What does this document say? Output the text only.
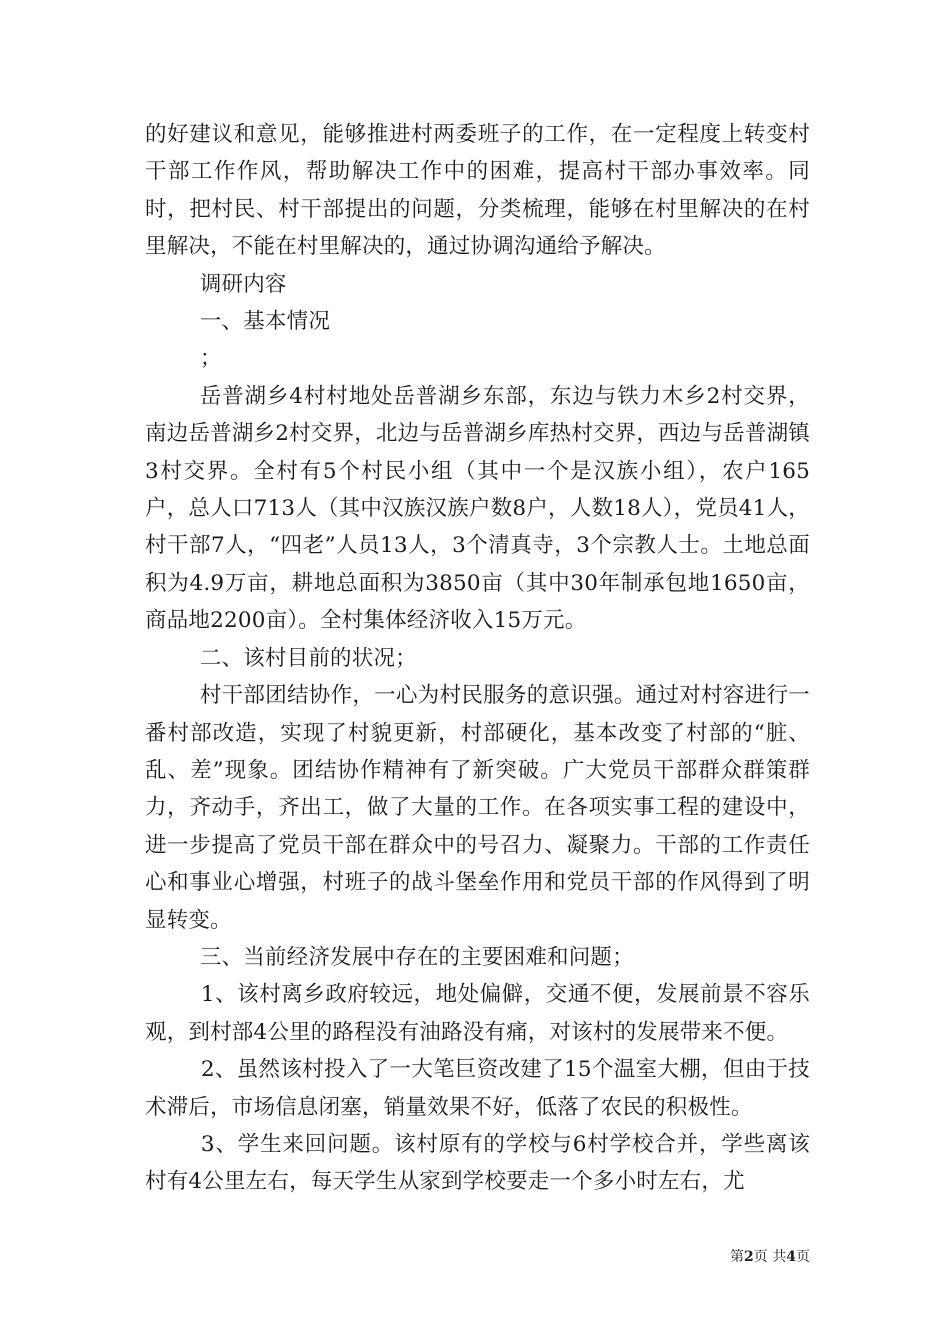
的好建议和意见，能够推进村两委班子的工作，在一定程度上转变村干部工作作风，帮助解决工作中的困难，提高村干部办事效率。同时，把村民、村干部提出的问题，分类梳理，能够在村里解决的在村里解决，不能在村里解决的，通过协调沟通给予解决。

调研内容

一、基本情况

；

岳普湖乡4村村地处岳普湖乡东部，东边与铁力木乡2村交界，南边岳普湖乡2村交界，北边与岳普湖乡库热村交界，西边与岳普湖镇3村交界。全村有5个村民小组（其中一个是汉族小组），农户165户，总人口713人（其中汉族汉族户数8户，人数18人），党员41人，村干部7人，“四老”人员13人，3个清真寺，3个宗教人士。土地总面积为4.9万亩，耕地总面积为3850亩（其中30年制承包地1650亩，商品地2200亩）。全村集体经济收入15万元。

二、该村目前的状况；

村干部团结协作，一心为村民服务的意识强。通过对村容进行一番村部改造，实现了村貌更新，村部硬化，基本改变了村部的“脏、乱、差”现象。团结协作精神有了新突破。广大党员干部群众群策群力，齐动手，齐出工，做了大量的工作。在各项实事工程的建设中，进一步提高了党员干部在群众中的号召力、凝聚力。干部的工作责任心和事业心增强，村班子的战斗堡垒作用和党员干部的作风得到了明显转变。

三、当前经济发展中存在的主要困难和问题；

1、该村离乡政府较远，地处偏僻，交通不便，发展前景不容乐观，到村部4公里的路程没有油路没有痛，对该村的发展带来不便。

2、虽然该村投入了一大笔巨资改建了15个温室大棚，但由于技术滞后，市场信息闭塞，销量效果不好，低落了农民的积极性。

3、学生来回问题。该村原有的学校与6村学校合并，学些离该村有4公里左右，每天学生从家到学校要走一个多小时左右，尤

第2页 共4页
